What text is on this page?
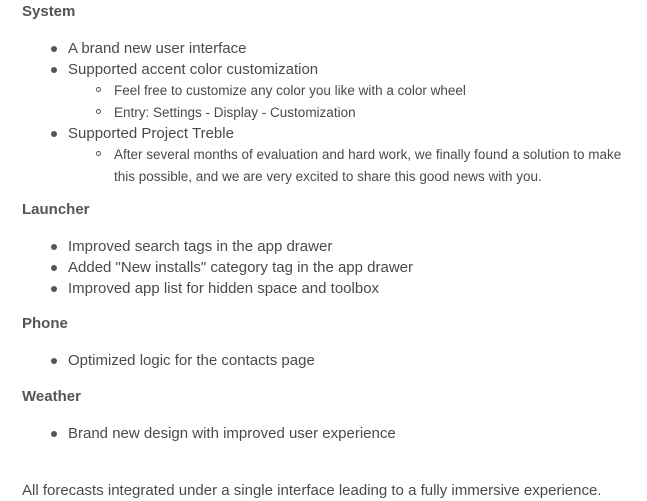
System
A brand new user interface
Supported accent color customization
Feel free to customize any color you like with a color wheel
Entry: Settings - Display - Customization
Supported Project Treble
After several months of evaluation and hard work, we finally found a solution to make this possible, and we are very excited to share this good news with you.
Launcher
Improved search tags in the app drawer
Added "New installs" category tag in the app drawer
Improved app list for hidden space and toolbox
Phone
Optimized logic for the contacts page
Weather
Brand new design with improved user experience

All forecasts integrated under a single interface leading to a fully immersive experience.
